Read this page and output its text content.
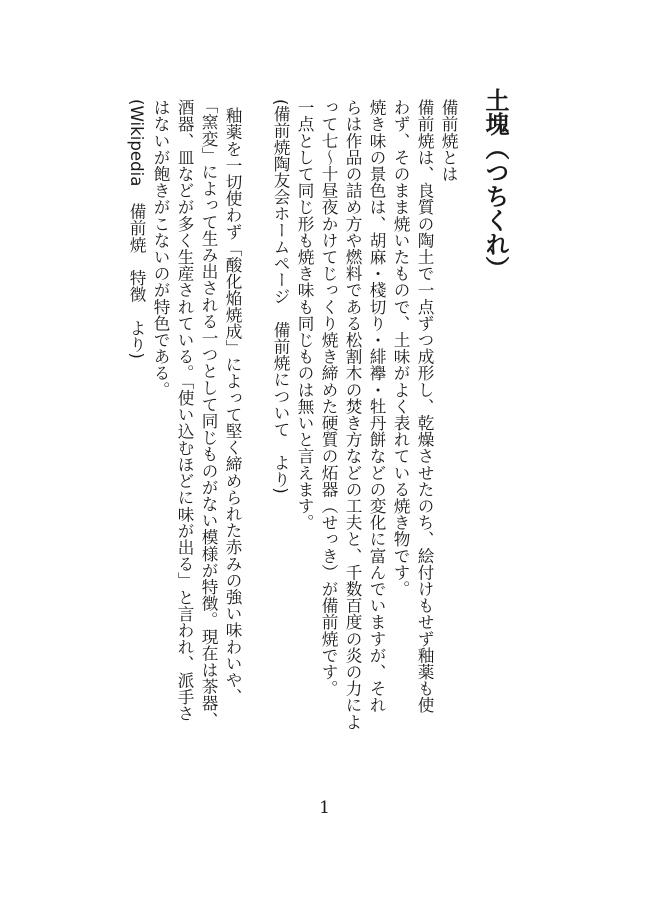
土塊（つちくれ）

備前焼とは

備前焼は、良質の陶土で一点ずつ成形し、乾燥させたのち、絵付けもせず釉薬も使

わず、そのまま焼いたもので、土味がよく表れている焼き物です。

焼き味の景色は、胡麻・棧切り・緋襷・牡丹餅などの変化に富んでいますが、それ

らは作品の詰め方や燃料である松割木の焚き方などの工夫と、千数百度の炎の力によ

って七～十昼夜かけてじっくり焼き締めた硬質の炻器（せっき）が備前焼です。

一点として同じ形も焼き味も同じものは無いと言えます。

(備前焼陶友会ホームページ　備前焼について　より)

釉薬を一切使わず「酸化焔焼成」によって堅く締められた赤みの強い味わいや、

「窯変」によって生み出される一つとして同じものがない模様が特徴。現在は茶器、

酒器、皿などが多く生産されている。「使い込むほどに味が出る」と言われ、派手さ

はないが飽きがこないのが特色である。

(Wikipedia　備前焼　特徴　より)

1
